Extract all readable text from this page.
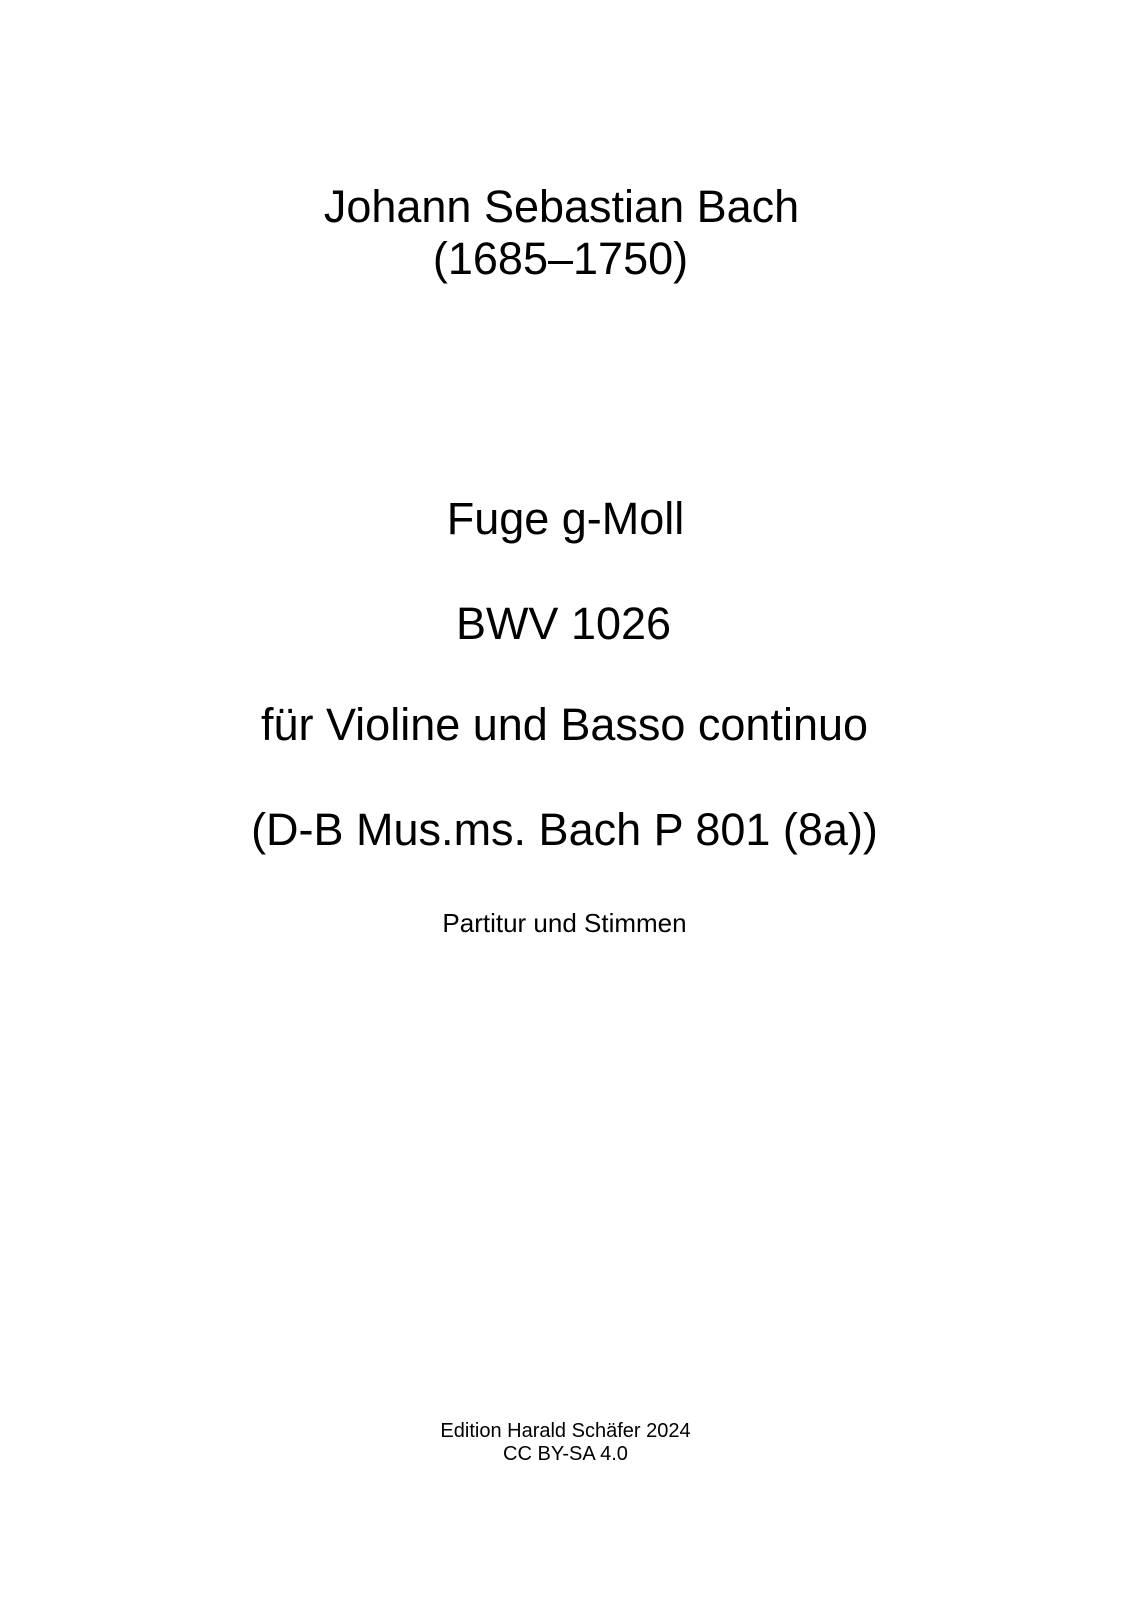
Johann Sebastian Bach
(1685–1750)
Fuge g-Moll
BWV 1026
für Violine und Basso continuo
(D-B Mus.ms. Bach P 801 (8a))
Partitur und Stimmen
Edition Harald Schäfer 2024
CC BY-SA 4.0
